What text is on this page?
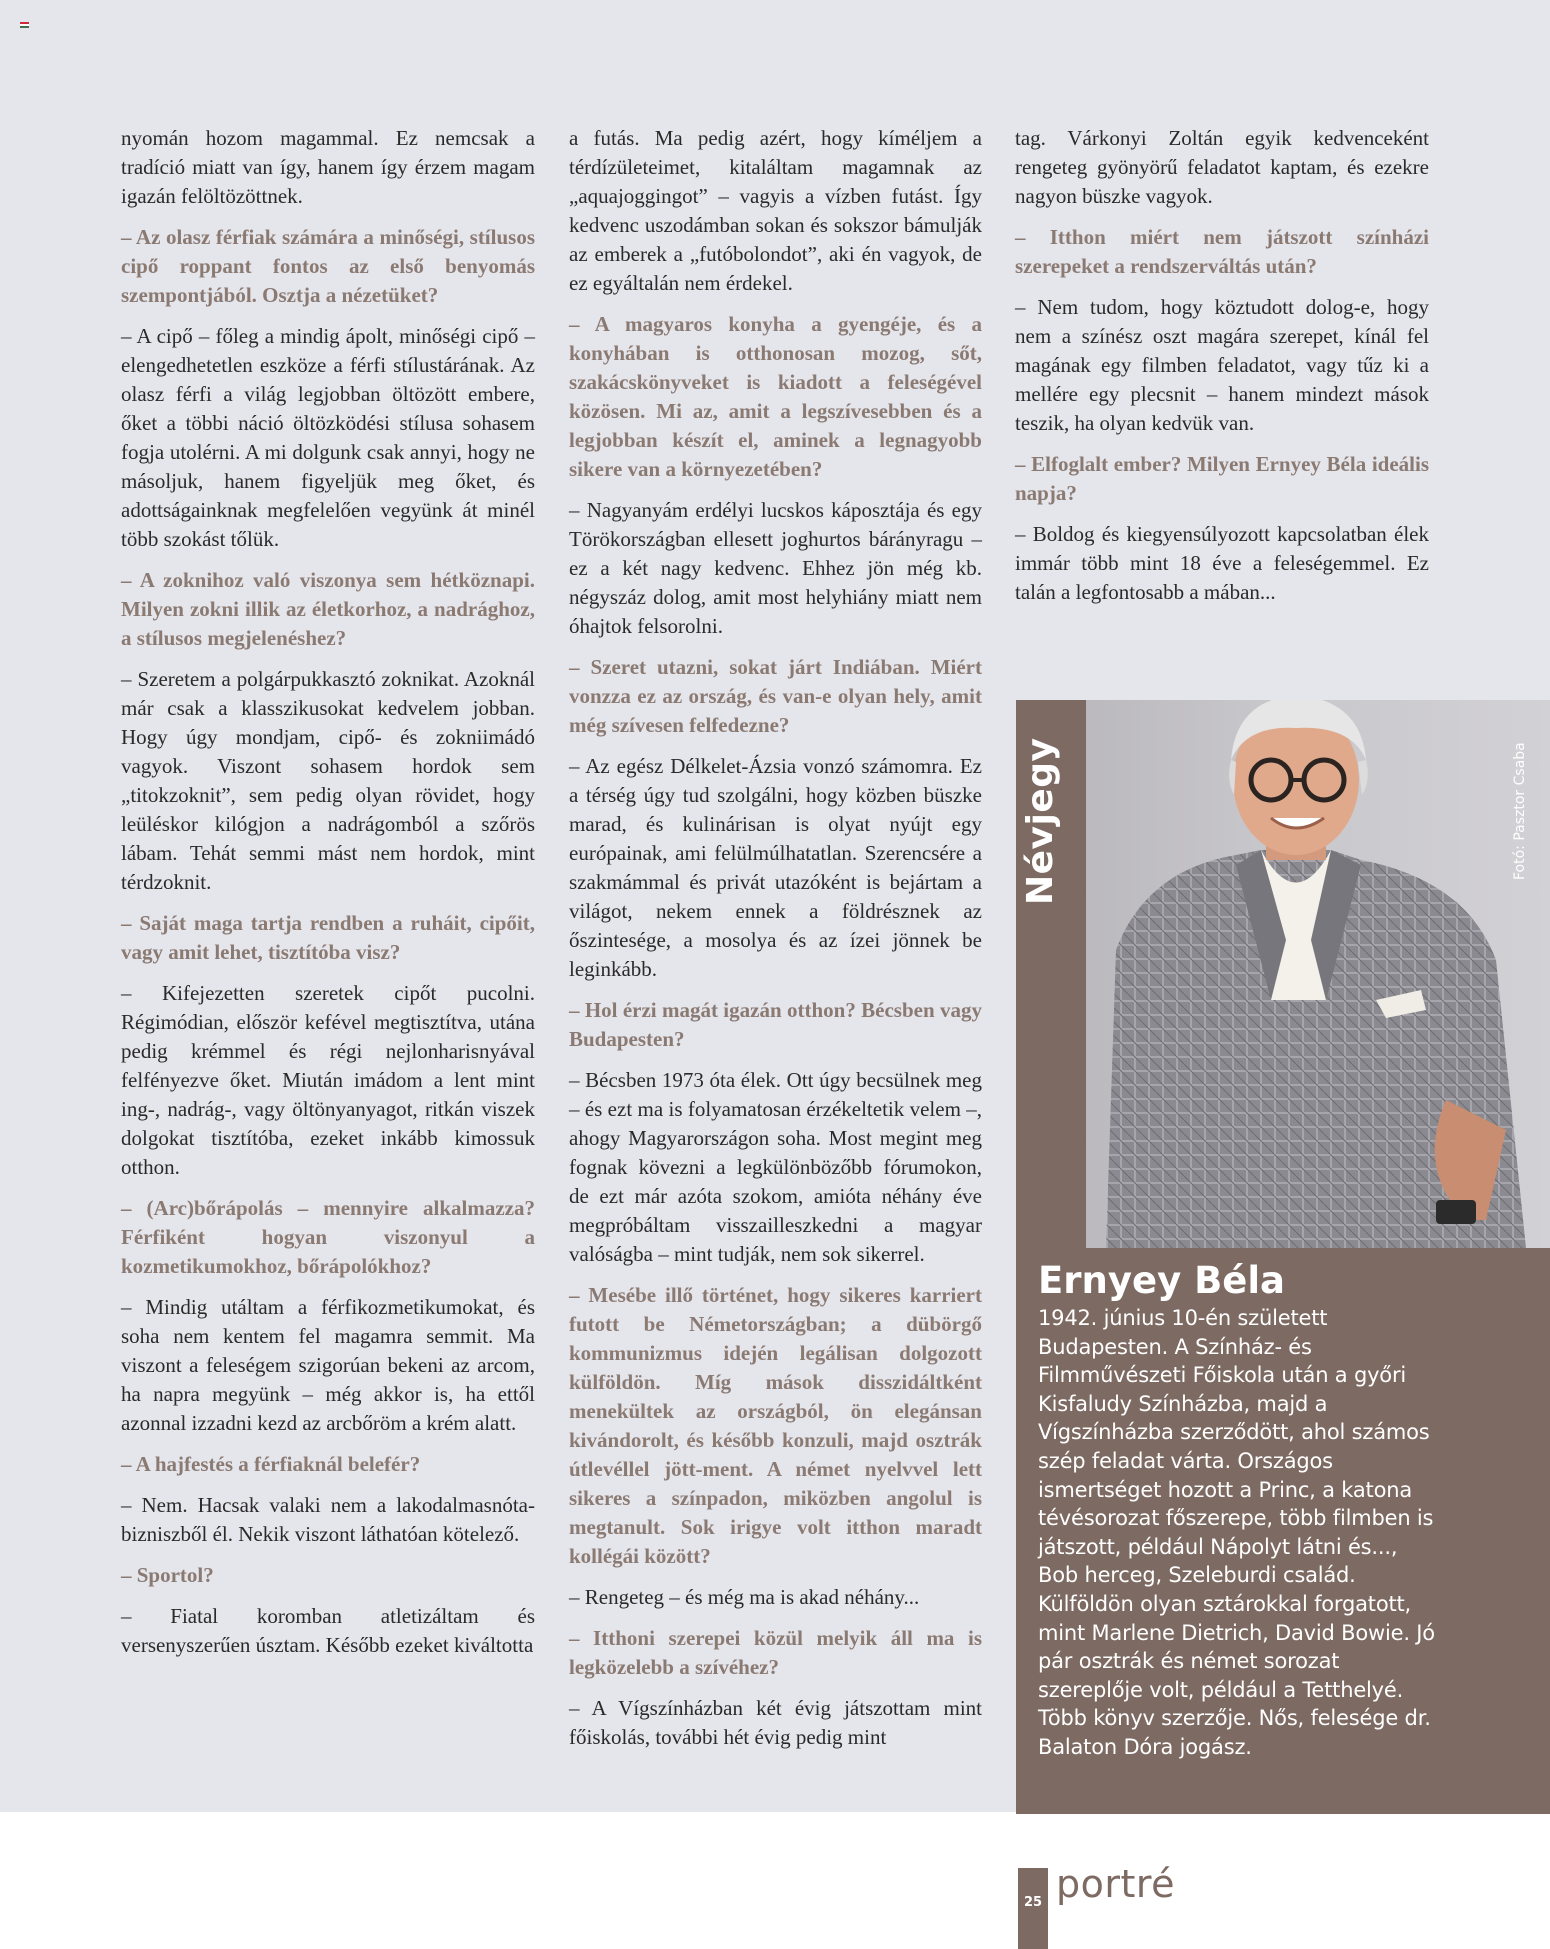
nyomán hozom magammal. Ez nemcsak a tradíció miatt van így, hanem így érzem magam igazán felöltözöttnek.

– Az olasz férfiak számára a minőségi, stílusos cipő roppant fontos az első benyomás szempontjából. Osztja a nézetüket?

– A cipő – főleg a mindig ápolt, minőségi cipő – elengedhetetlen eszköze a férfi stílustárának. Az olasz férfi a világ legjobban öltözött embere, őket a többi náció öltözködési stílusa sohasem fogja utolérni. A mi dolgunk csak annyi, hogy ne másoljuk, hanem figyeljük meg őket, és adottságainknak megfelelően vegyünk át minél több szokást tőlük.

– A zoknihoz való viszonya sem hétköznapi. Milyen zokni illik az életkorhoz, a nadrághoz, a stílusos megjelenéshez?

– Szeretem a polgárpukkasztó zoknikat. Azoknál már csak a klasszikusokat kedvelem jobban. Hogy úgy mondjam, cipő- és zokniimádó vagyok. Viszont sohasem hordok sem „titokzoknit”, sem pedig olyan rövidet, hogy leüléskor kilógjon a nadrágomból a szőrös lábam. Tehát semmi mást nem hordok, mint térdzoknit.

– Saját maga tartja rendben a ruháit, cipőit, vagy amit lehet, tisztítóba visz?

– Kifejezetten szeretek cipőt pucolni. Régimódian, először kefével megtisztítva, utána pedig krémmel és régi nejlonharisnyával felfényezve őket. Miután imádom a lent mint ing-, nadrág-, vagy öltönyanyagot, ritkán viszek dolgokat tisztítóba, ezeket inkább kimossuk otthon.

– (Arc)bőrápolás – mennyire alkalmazza? Férfiként hogyan viszonyul a kozmetikumokhoz, bőrápolókhoz?

– Mindig utáltam a férfikozmetikumokat, és soha nem kentem fel magamra semmit. Ma viszont a feleségem szigorúan bekeni az arcom, ha napra megyünk – még akkor is, ha ettől azonnal izzadni kezd az arcbőröm a krém alatt.

– A hajfestés a férfiaknál belefér?

– Nem. Hacsak valaki nem a lakodalmasnóta-bizniszből él. Nekik viszont láthatóan kötelező.

– Sportol?

– Fiatal koromban atletizáltam és versenyszerűen úsztam. Később ezeket kiváltotta

a futás. Ma pedig azért, hogy kíméljem a térdízületeimet, kitaláltam magamnak az „aquajoggingot” – vagyis a vízben futást. Így kedvenc uszodámban sokan és sokszor bámulják az emberek a „futóbolondot”, aki én vagyok, de ez egyáltalán nem érdekel.

– A magyaros konyha a gyengéje, és a konyhában is otthonosan mozog, sőt, szakácskönyveket is kiadott a feleségével közösen. Mi az, amit a legszívesebben és a legjobban készít el, aminek a legnagyobb sikere van a környezetében?

– Nagyanyám erdélyi lucskos káposztája és egy Törökországban ellesett joghurtos bárányragu – ez a két nagy kedvenc. Ehhez jön még kb. négyszáz dolog, amit most helyhiány miatt nem óhajtok felsorolni.

– Szeret utazni, sokat járt Indiában. Miért vonzza ez az ország, és van-e olyan hely, amit még szívesen felfedezne?

– Az egész Délkelet-Ázsia vonzó számomra. Ez a térség úgy tud szolgálni, hogy közben büszke marad, és kulinárisan is olyat nyújt egy európainak, ami felülmúlhatatlan. Szerencsére a szakmámmal és privát utazóként is bejártam a világot, nekem ennek a földrésznek az őszintesége, a mosolya és az ízei jönnek be leginkább.

– Hol érzi magát igazán otthon? Bécsben vagy Budapesten?

– Bécsben 1973 óta élek. Ott úgy becsülnek meg – és ezt ma is folyamatosan érzékeltetik velem –, ahogy Magyarországon soha. Most megint meg fognak kövezni a legkülönbözőbb fórumokon, de ezt már azóta szokom, amióta néhány éve megpróbáltam visszailleszkedni a magyar valóságba – mint tudják, nem sok sikerrel.

– Mesébe illő történet, hogy sikeres karriert futott be Németországban; a dübörgő kommunizmus idején legálisan dolgozott külföldön. Míg mások disszidáltként menekültek az országból, ön elegánsan kivándorolt, és később konzuli, majd osztrák útlevéllel jött-ment. A német nyelvvel lett sikeres a színpadon, miközben angolul is megtanult. Sok irigye volt itthon maradt kollégái között?

– Rengeteg – és még ma is akad néhány...

– Itthoni szerepei közül melyik áll ma is legközelebb a szívéhez?

– A Vígszínházban két évig játszottam mint főiskolás, további hét évig pedig mint

tag. Várkonyi Zoltán egyik kedvenceként rengeteg gyönyörű feladatot kaptam, és ezekre nagyon büszke vagyok.

– Itthon miért nem játszott színházi szerepeket a rendszerváltás után?

– Nem tudom, hogy köztudott dolog-e, hogy nem a színész oszt magára szerepet, kínál fel magának egy filmben feladatot, vagy tűz ki a mellére egy plecsnit – hanem mindezt mások teszik, ha olyan kedvük van.

– Elfoglalt ember? Milyen Ernyey Béla ideális napja?

– Boldog és kiegyensúlyozott kapcsolatban élek immár több mint 18 éve a feleségemmel. Ez talán a legfontosabb a mában...

Névjegy	Fotó: Pasztor Csaba
Ernyey Béla
1942. június 10-én született Budapesten. A Színház- és Filmművészeti Főiskola után a győri Kisfaludy Színházba, majd a Vígszínházba szerződött, ahol számos szép feladat várta. Országos ismertséget hozott a Princ, a katona tévésorozat főszerepe, több filmben is játszott, például Nápolyt látni és..., Bob herceg, Szeleburdi család. Külföldön olyan sztárokkal forgatott, mint Marlene Dietrich, David Bowie. Jó pár osztrák és német sorozat szereplője volt, például a Tetthelyé. Több könyv szerzője. Nős, felesége dr. Balaton Dóra jogász.
25 portré
